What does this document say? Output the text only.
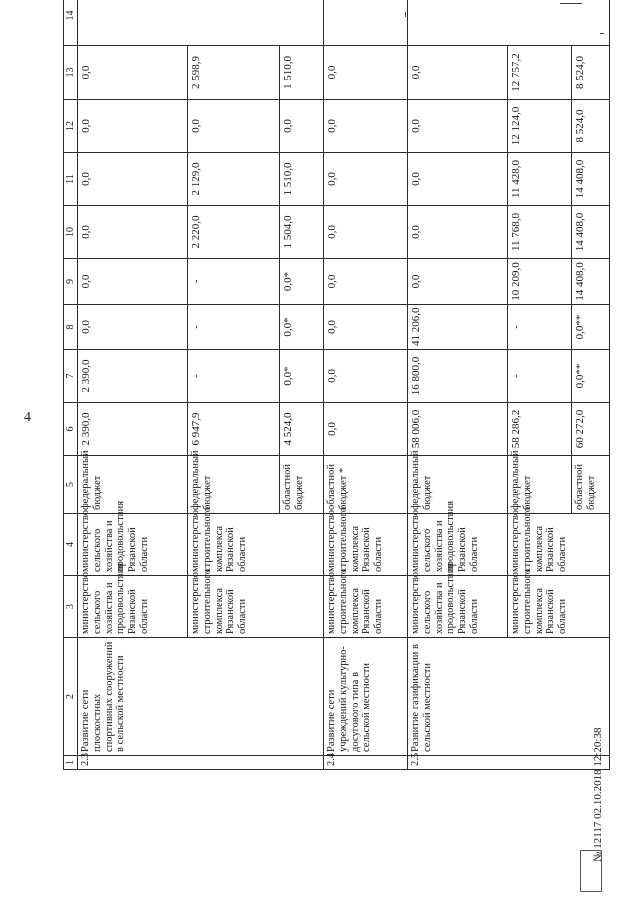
4
1	2	3	4	5	6	7	8	9	10	11	12	13	14
2.3	Развитие сети плоскостных спортивных сооружений в сельской местности	министерство сельского хозяйства и продовольствия Рязанской области	министерство сельского хозяйства и продовольствия Рязанской области	федеральный бюджет	2 390,0	2 390,0	0,0	0,0	0,0	0,0	0,0	0,0	
		министерство строительного комплекса Рязанской области	министерство строительного комплекса Рязанской области	федеральный бюджет	6 947,9	-	-	-	2 220,0	2 129,0	0,0	2 598,9	
				областной бюджет	4 524,0	0,0*	0,0*	0,0*	1 504,0	1 510,0	0,0	1 510,0	
2.4	Развитие сети учреждений культурно-досугового типа в сельской местности	министерство строительного комплекса Рязанской области	министерство строительного комплекса Рязанской области	областной бюджет *	0,0	0,0	0,0	0,0	0,0	0,0	0,0	0,0	
2.5	Развитие газификации в сельской местности	министерство сельского хозяйства и продовольствия Рязанской области	министерство сельского хозяйства и продовольствия Рязанской области	федеральный бюджет	58 006,0	16 800,0	41 206,0	0,0	0,0	0,0	0,0	0,0	
		министерство строительного комплекса Рязанской области	министерство строительного комплекса Рязанской области	федеральный бюджет	58 286,2	-	-	10 209,0	11 768,0	11 428,0	12 124,0	12 757,2	
				областной бюджет	60 272,0	0,0**	0,0**	14 408,0	14 408,0	14 408,0	8 524,0	8 524,0	
№ 12117 02.10.2018 12:20:38
